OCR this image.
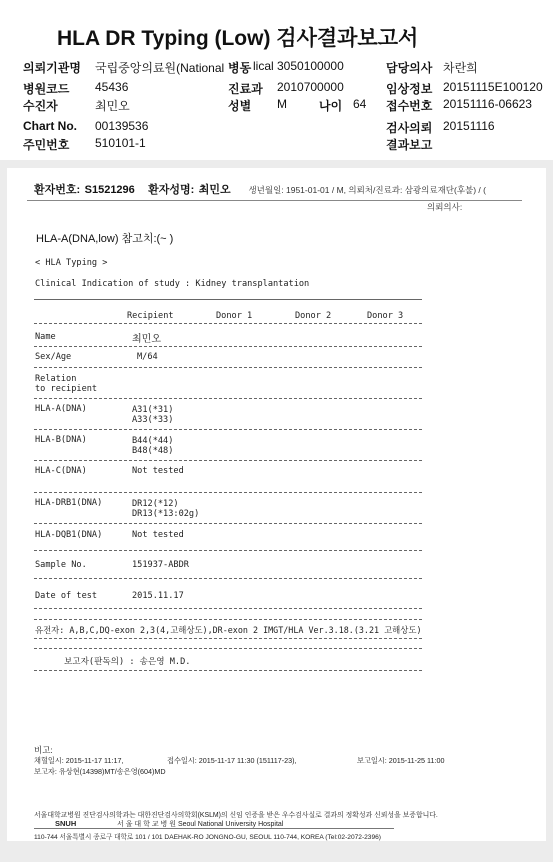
HLA DR Typing (Low) 검사결과보고서
의뢰기관명 국립중앙의료원(National 병동 lical 3050100000	담당의사 차란희
병원코드 45436	진료과 2010700000	임상정보 20151115E100120
수진자	최민오	성별 M	나이 64 접수번호 20151116-06623
Chart No. 00139536	검사의뢰 20151116
주민번호 510101-1	결과보고
환자번호: S1521296 환자성명: 최민오 생년월일: 1951-01-01 / M, 의뢰처/진료과: 삼광의료재단(후불) / (
의뢰의사:
HLA-A(DNA,low) 참고치:(~ )
< HLA Typing >
Clinical Indication of study : Kidney transplantation
Recipient	Donor 1	Donor 2	Donor 3
Name	최민오
Sex/Age	M/64
Relation
to recipient
HLA-A(DNA)	A31(*31)
A33(*33)
HLA-B(DNA)	B44(*44)
B48(*48)
HLA-C(DNA)	Not tested
HLA-DRB1(DNA)	DR12(*12)
DR13(*13:02g)
HLA-DQB1(DNA)	Not tested
Sample No.	151937-ABDR
Date of test	2015.11.17
유전자: A,B,C,DQ-exon 2,3(4,고해상도),DR-exon 2 IMGT/HLA Ver.3.18.(3.21 고해상도)
보고자(판독의) : 송은영 M.D.
비고:
채혈일시: 2015-11-17 11:17,	접수일시: 2015-11-17 11:30 (151117-23),	보고일시: 2015-11-25 11:00
보고자: 유상현(14398)MT/송은영(604)MD
서울대학교병원 진단검사의학과는 대한진단검사의학회(KSLM)의 신임 인증을 받은 우수검사실로 결과의 정확성과 신뢰성을 보증합니다.
SNUH	서 울 대 학 교 병 원 Seoul National University Hospital
110-744 서울특별시 종로구 대학로 101 / 101 DAEHAK-RO JONGNO-GU, SEOUL 110-744, KOREA (Tel:02-2072-2396)
